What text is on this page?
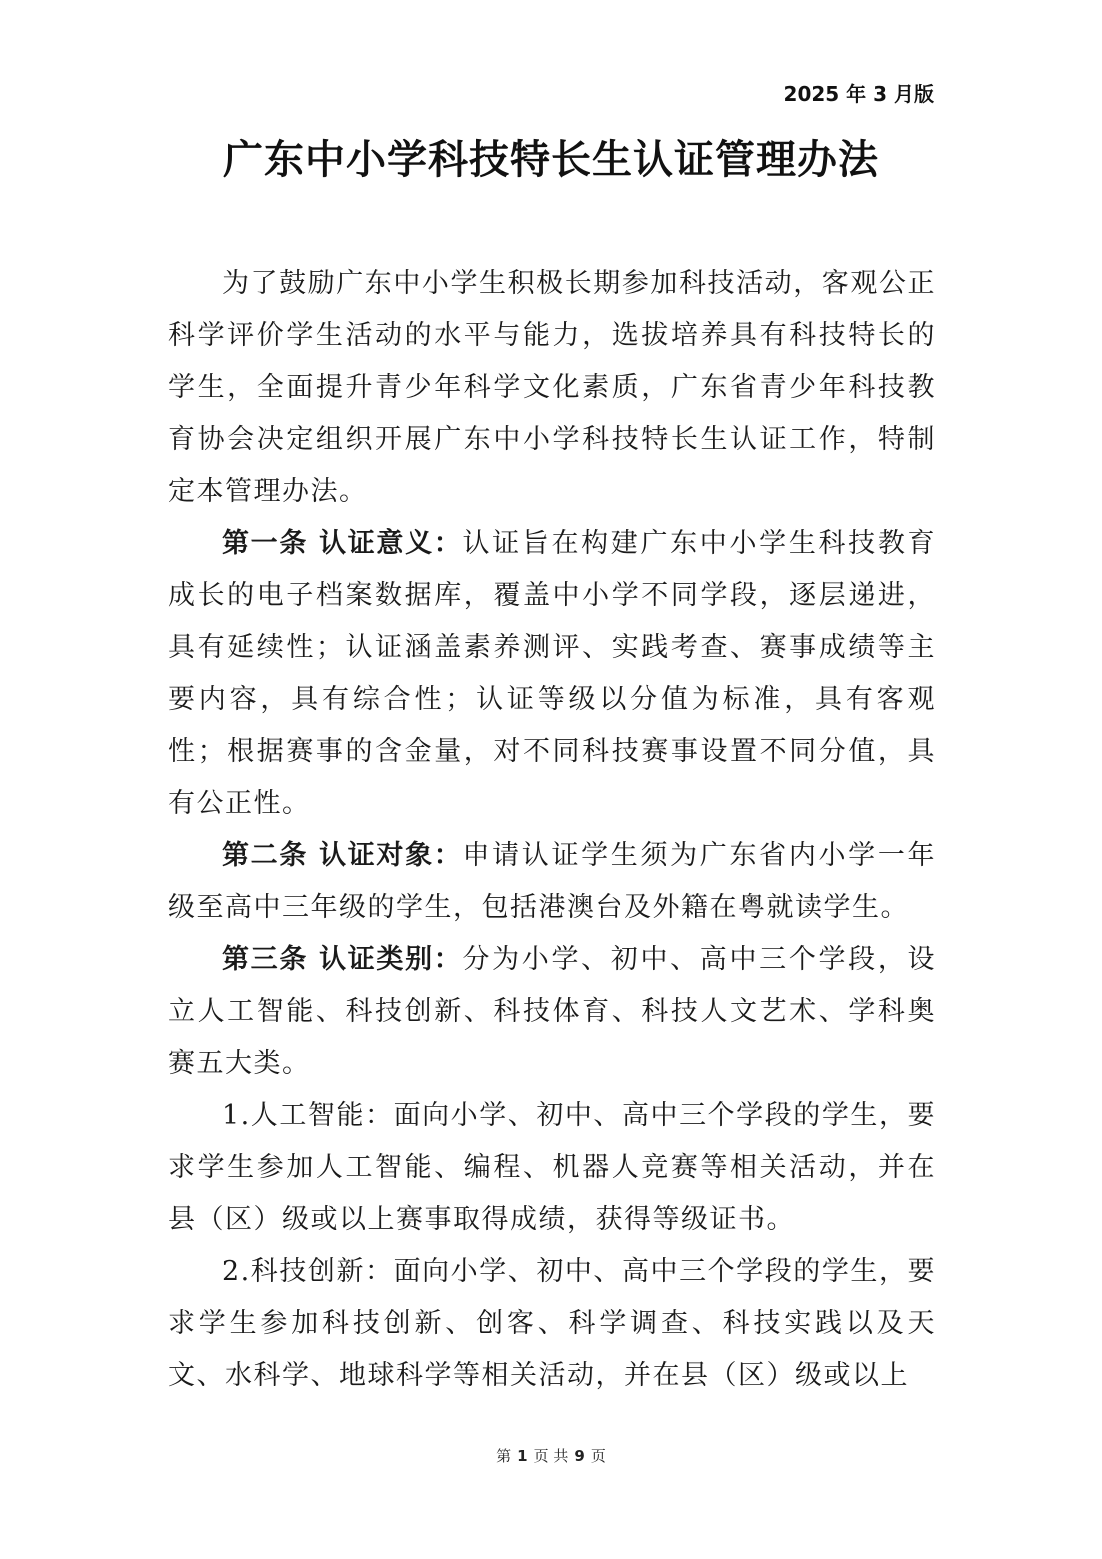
2025 年 3 月版
广东中小学科技特长生认证管理办法

为了鼓励广东中小学生积极长期参加科技活动，客观公正科学评价学生活动的水平与能力，选拔培养具有科技特长的学生，全面提升青少年科学文化素质，广东省青少年科技教育协会决定组织开展广东中小学科技特长生认证工作，特制定本管理办法。

第一条 认证意义：认证旨在构建广东中小学生科技教育成长的电子档案数据库，覆盖中小学不同学段，逐层递进，具有延续性；认证涵盖素养测评、实践考查、赛事成绩等主要内容，具有综合性；认证等级以分值为标准，具有客观性；根据赛事的含金量，对不同科技赛事设置不同分值，具有公正性。

第二条 认证对象：申请认证学生须为广东省内小学一年级至高中三年级的学生，包括港澳台及外籍在粤就读学生。

第三条 认证类别：分为小学、初中、高中三个学段，设立人工智能、科技创新、科技体育、科技人文艺术、学科奥赛五大类。

1.人工智能：面向小学、初中、高中三个学段的学生，要求学生参加人工智能、编程、机器人竞赛等相关活动，并在县（区）级或以上赛事取得成绩，获得等级证书。

2.科技创新：面向小学、初中、高中三个学段的学生，要求学生参加科技创新、创客、科学调查、科技实践以及天文、水科学、地球科学等相关活动，并在县（区）级或以上

第 1 页 共 9 页
